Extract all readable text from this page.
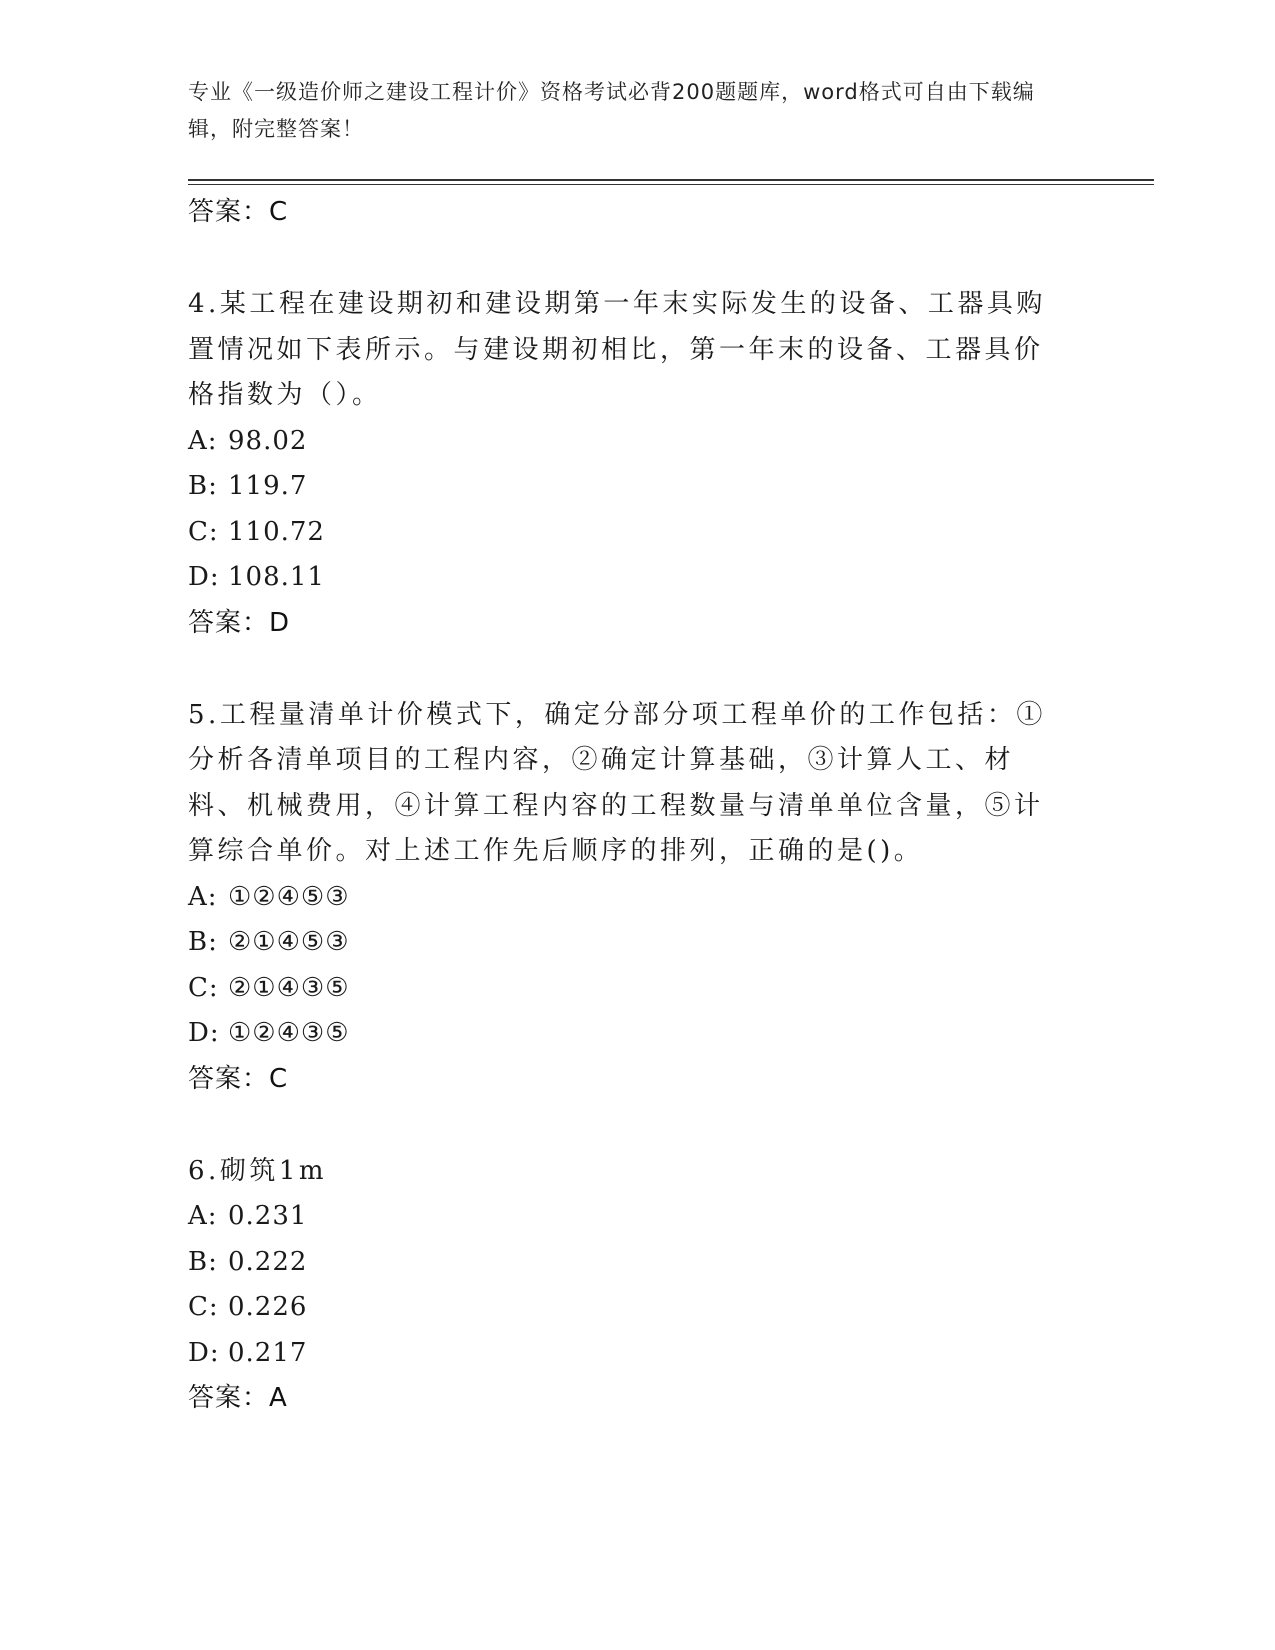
专业《一级造价师之建设工程计价》资格考试必背200题题库，word格式可自由下载编辑，附完整答案！
答案：C

4.某工程在建设期初和建设期第一年末实际发生的设备、工器具购置情况如下表所示。与建设期初相比，第一年末的设备、工器具价格指数为（）。

A: 98.02
B: 119.7
C: 110.72
D: 108.11
答案：D

5.工程量清单计价模式下，确定分部分项工程单价的工作包括：①分析各清单项目的工程内容，②确定计算基础，③计算人工、材料、机械费用，④计算工程内容的工程数量与清单单位含量，⑤计算综合单价。对上述工作先后顺序的排列，正确的是()。

A: ①②④⑤③
B: ②①④⑤③
C: ②①④③⑤
D: ①②④③⑤
答案：C

6.砌筑1m

A: 0.231
B: 0.222
C: 0.226
D: 0.217
答案：A
